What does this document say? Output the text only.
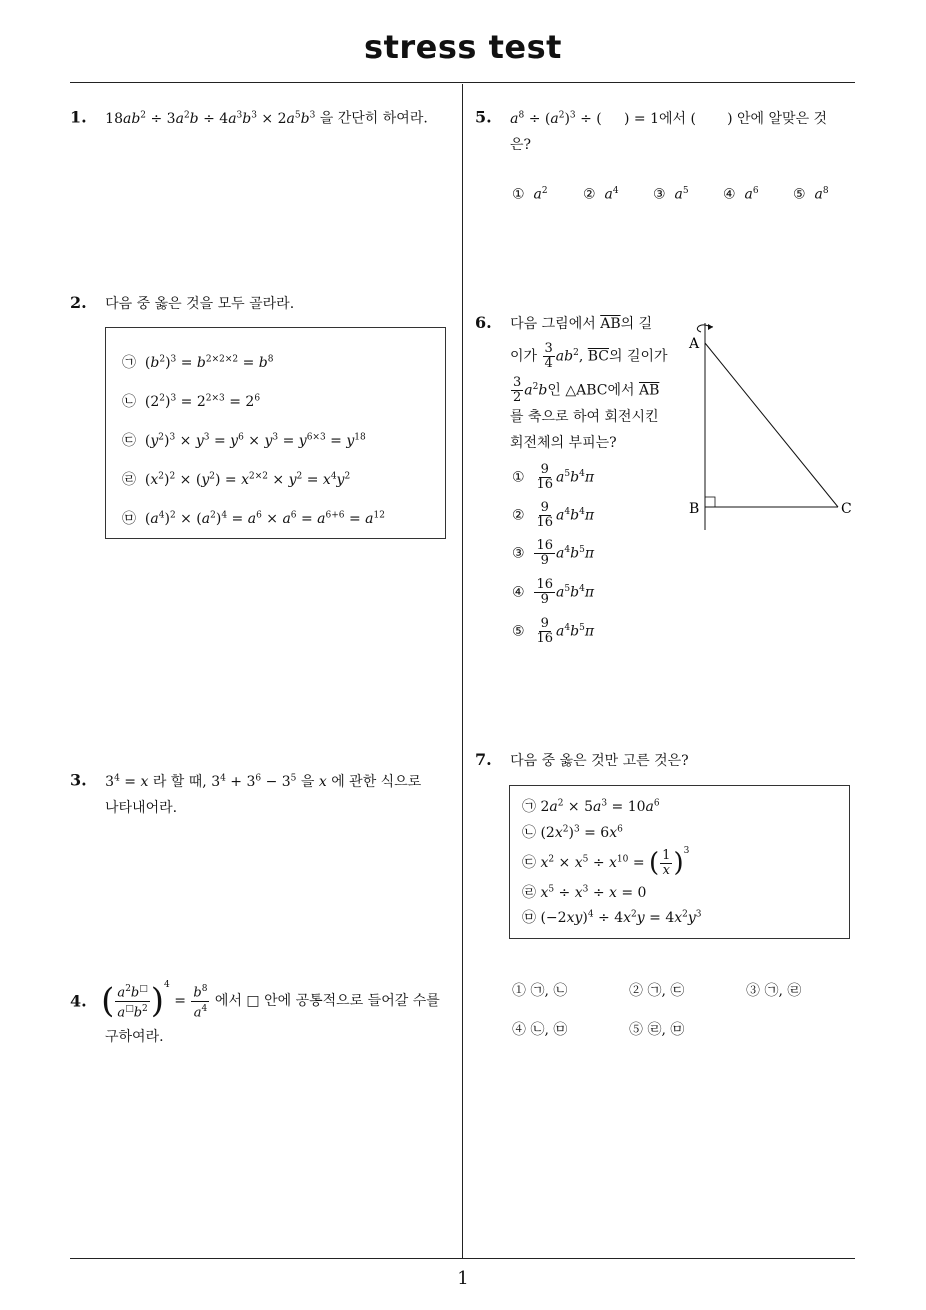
stress test
1
1. $18ab^2 \div 3a^2b \div 4a^3b^3 \times 2a^5b^3$ 을 간단히 하여라.
2. 다음 중 옳은 것을 모두 골라라.
㉠  $(b^2)^3 = b^{2\times 2\times 2} = b^8$
㉡  $(2^2)^3 = 2^{2\times 3} = 2^6$
㉢  $(y^2)^3 \times y^3 = y^6 \times y^3 = y^{6\times 3} = y^{18}$
㉣  $(x^2)^2 \times (y^2) = x^{2\times 2} \times y^2 = x^4y^2$
㉤  $(a^4)^2 \times (a^2)^4 = a^6 \times a^6 = a^{6+6} = a^{12}$
3. $3^4 = x$ 라 할 때, $3^4 + 3^6 - 3^5$ 을 x 에 관한 식으로
나타내어라.
4. ( $\frac{a^2b^□}{a^□b^2} )^4 = \frac{b^8}{a^4}$ 에서 □ 안에 공통적으로 들어갈 수를
구하여라.
5. $a^8 \div (a^2)^3$ ÷ (     ) = 1에서 ( ) 안에 알맞은 것
은?
① $a^2$	② $a^4$ ③ $a^5$ ④ $a^6$ ⑤ $a^8$
6. 다음 그림에서 $\overline{AB}$의 길
이가 $\frac{3}{4} ab^2$, $\overline{BC}$의 길이가
$\frac{3}{2} a^2b$인 △ABC에서 $\overline{AB}$
를 축으로 하여 회전시킨
회전체의 부피는?
① $\frac{9}{16} a^5b^4\pi$
② $\frac{9}{16} a^4b^4\pi$
③ $\frac{16}{9} a^4b^5\pi$
④ $\frac{16}{9} a^5b^4\pi$
⑤ $\frac{9}{16} a^4b^5\pi$
A
B	C
7. 다음 중 옳은 것만 고른 것은?
㉠ $2a^2 \times 5a^3 = 10a^6$
㉡ $(2x^2)^3 = 6x^6$
㉢ $x^2 \times x^5 \div x^{10}$ = ( $\frac{1}{x} )^3$
㉣ $x^5 \div x^3 \div x = 0$
㉤ $(-2xy)^4 \div 4x^2y = 4x^2y^3$
① ㉠, ㉡	② ㉠, ㉢	③ ㉠, ㉣
④ ㉡, ㉤	⑤ ㉣, ㉤
